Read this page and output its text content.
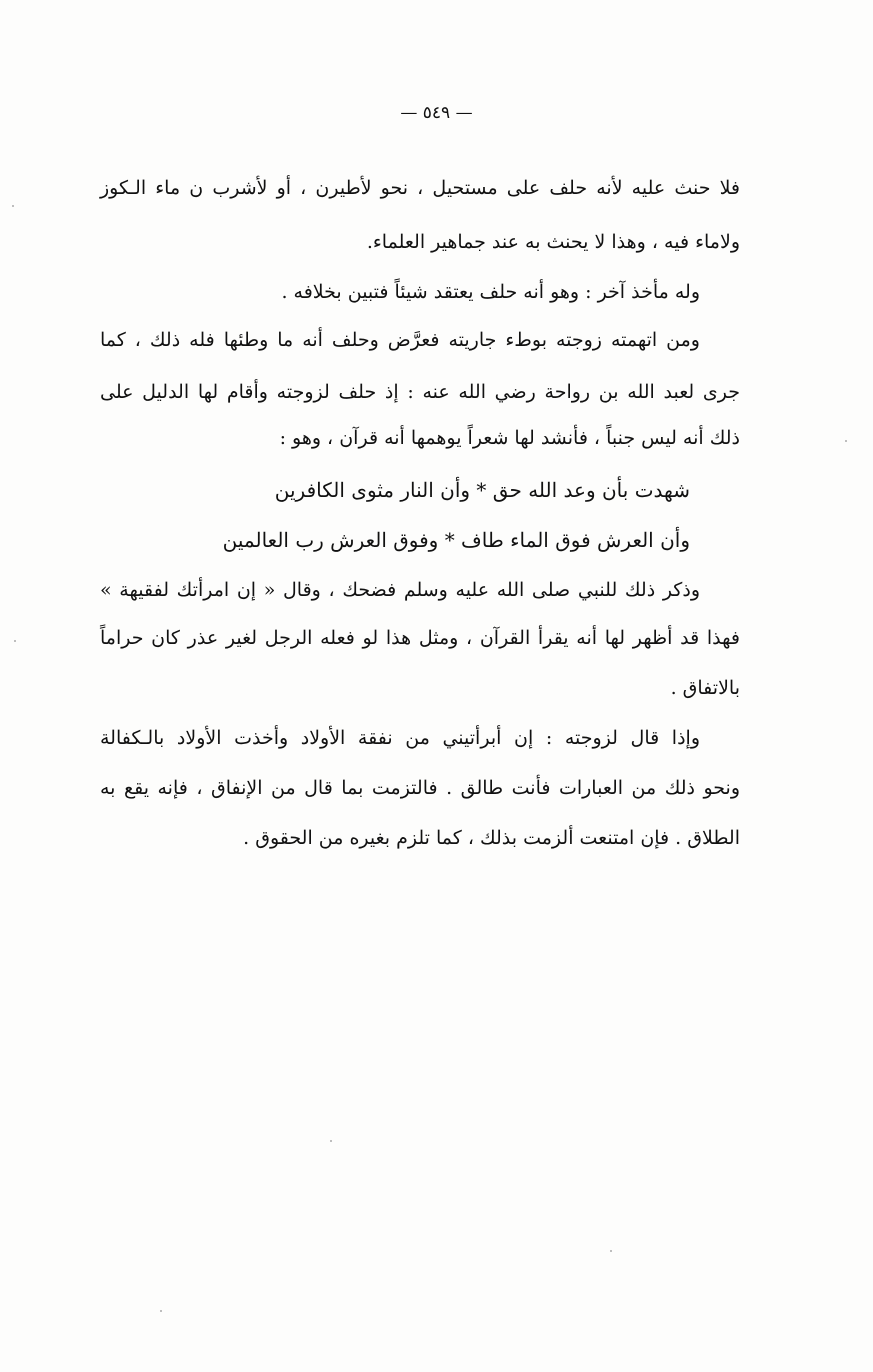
— ٥٤٩ —
فلا حنث عليه لأنه حلف على مستحيل ، نحو لأطيرن ، أو لأشرب ن ماء الـكوز
ولاماء فيه ، وهذا لا يحنث به عند جماهير العلماء.
وله مأخذ آخر : وهو أنه حلف يعتقد شيئاً فتبين بخلافه .
ومن اتهمته زوجته بوطء جاريته فعرَّض وحلف أنه ما وطئها فله ذلك ، كما
جرى لعبد الله بن رواحة رضي الله عنه : إذ حلف لزوجته وأقام لها الدليل على
ذلك أنه ليس جنباً ، فأنشد لها شعراً يوهمها أنه قرآن ، وهو :
وذكر ذلك للنبي صلى الله عليه وسلم فضحك ، وقال « إن امرأتك لفقيهة »
فهذا قد أظهر لها أنه يقرأ القرآن ، ومثل هذا لو فعله الرجل لغير عذر كان حراماً
بالاتفاق .
وإذا قال لزوجته : إن أبرأتيني من نفقة الأولاد وأخذت الأولاد بالـكفالة
ونحو ذلك من العبارات فأنت طالق . فالتزمت بما قال من الإنفاق ، فإنه يقع به
الطلاق . فإن امتنعت ألزمت بذلك ، كما تلزم بغيره من الحقوق .
شهدت بأن وعد الله حق * وأن النار مثوى الكافرين
وأن العرش فوق الماء طاف * وفوق العرش رب العالمين
